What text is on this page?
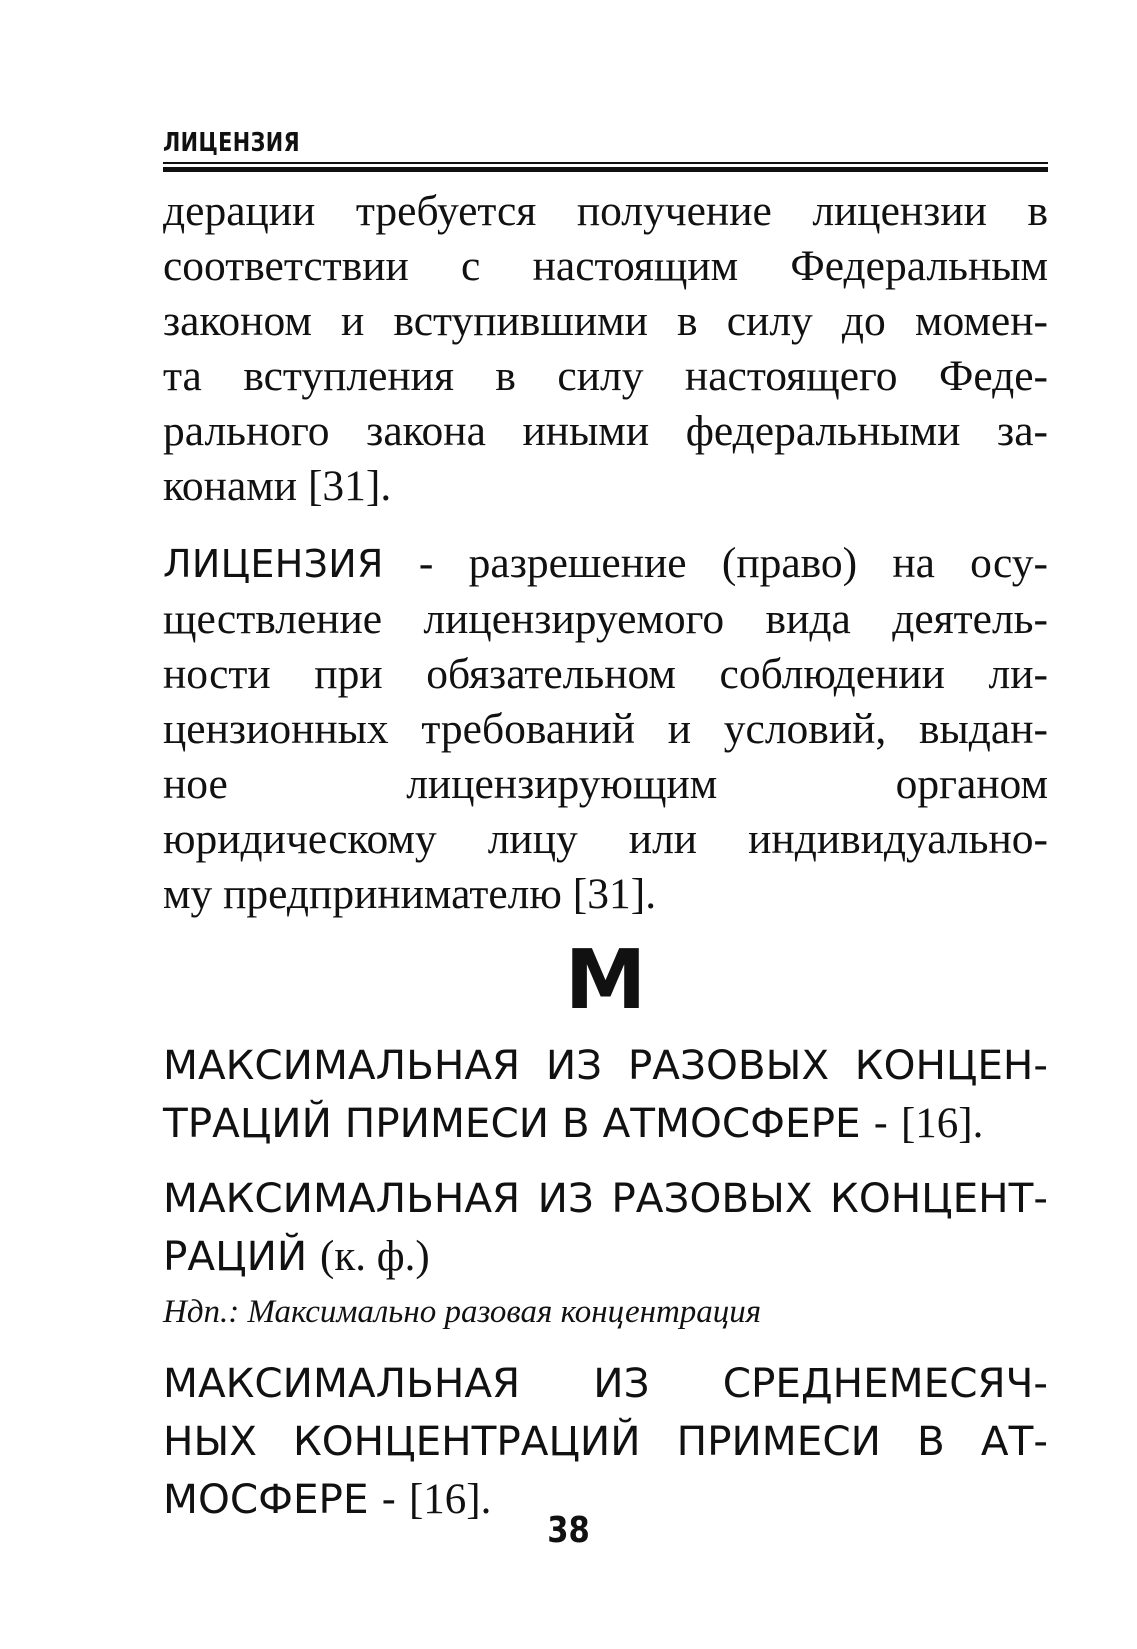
ЛИЦЕНЗИЯ
дерации требуется получение лицензии в
соответствии с настоящим Федеральным
законом и вступившими в силу до момен-
та вступления в силу настоящего Феде-
рального закона иными федеральными за-
конами [31].
ЛИЦЕНЗИЯ - разрешение (право) на осу-
ществление лицензируемого вида деятель-
ности при обязательном соблюдении ли-
цензионных требований и условий, выдан-
ное лицензирующим органом
юридическому лицу или индивидуально-
му предпринимателю [31].
М
МАКСИМАЛЬНАЯ ИЗ РАЗОВЫХ КОНЦЕН-
ТРАЦИЙ ПРИМЕСИ В АТМОСФЕРЕ - [16].
МАКСИМАЛЬНАЯ ИЗ РАЗОВЫХ КОНЦЕНТ-
РАЦИЙ (к. ф.)
Ндп.: Максимально разовая концентрация
МАКСИМАЛЬНАЯ ИЗ СРЕДНЕМЕСЯЧ-
НЫХ КОНЦЕНТРАЦИЙ ПРИМЕСИ В АТ-
МОСФЕРЕ - [16].
38
